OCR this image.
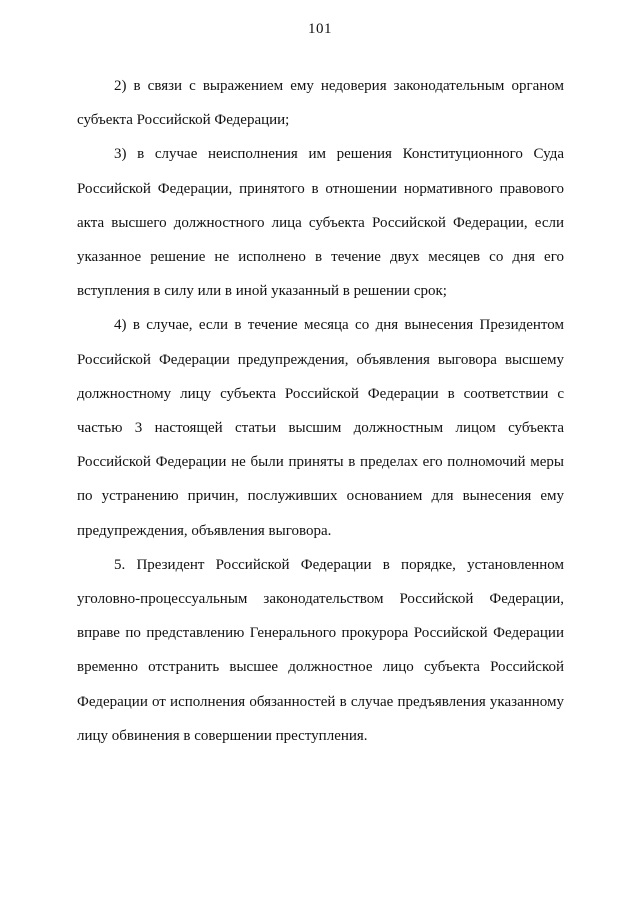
101

2) в связи с выражением ему недоверия законодательным органом субъекта Российской Федерации;

3) в случае неисполнения им решения Конституционного Суда Российской Федерации, принятого в отношении нормативного правового акта высшего должностного лица субъекта Российской Федерации, если указанное решение не исполнено в течение двух месяцев со дня его вступления в силу или в иной указанный в решении срок;

4) в случае, если в течение месяца со дня вынесения Президентом Российской Федерации предупреждения, объявления выговора высшему должностному лицу субъекта Российской Федерации в соответствии с частью 3 настоящей статьи высшим должностным лицом субъекта Российской Федерации не были приняты в пределах его полномочий меры по устранению причин, послуживших основанием для вынесения ему предупреждения, объявления выговора.

5. Президент Российской Федерации в порядке, установленном уголовно-процессуальным законодательством Российской Федерации, вправе по представлению Генерального прокурора Российской Федерации временно отстранить высшее должностное лицо субъекта Российской Федерации от исполнения обязанностей в случае предъявления указанному лицу обвинения в совершении преступления.
